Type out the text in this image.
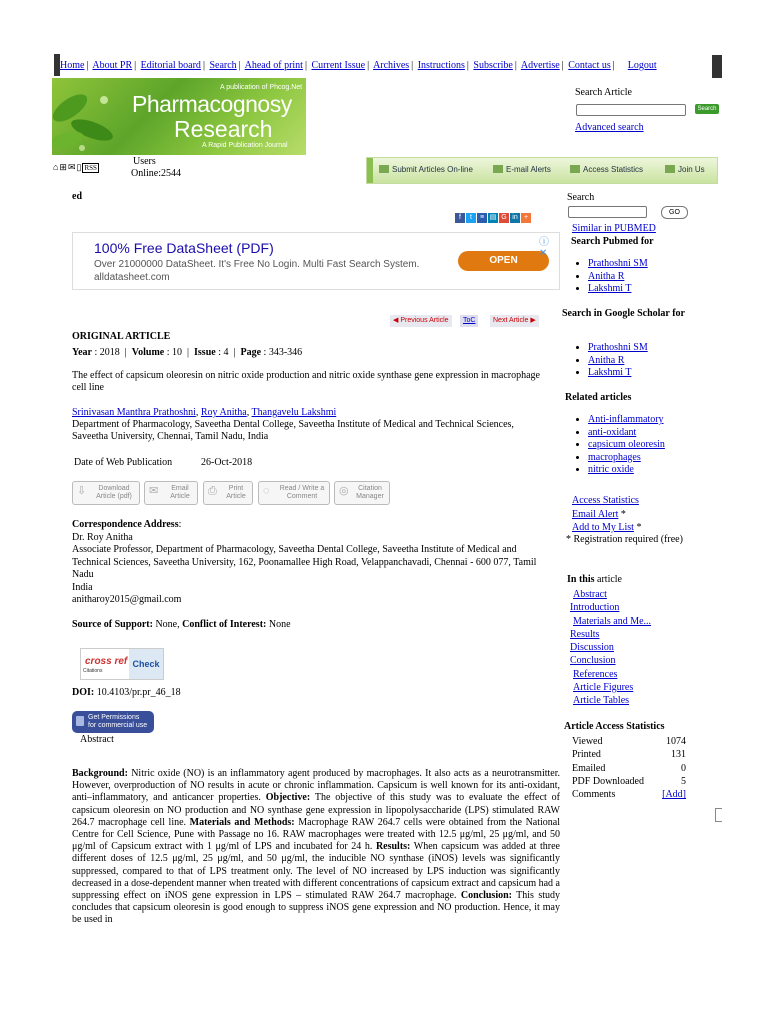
Home | About PR | Editorial board | Search | Ahead of print | Current Issue | Archives | Instructions | Subscribe | Advertise | Contact us | Logout
A publication of Phcog.Net
Pharmacognosy
Research
A Rapid Publication Journal
Search Article
Search
Advanced search
⌂⊞✉▯ RSS
Users
Online:2544	Submit Articles On-line	E-mail Alerts	Access Statistics	Join Us
ed
f t ≡ ▤ G in +
100% Free DataSheet (PDF)
Over 21000000 DataSheet. It's Free No Login. Multi Fast Search System.
alldatasheet.com
OPEN
ⓘ ✕
◀ Previous Article	ToC	Next Article ▶
ORIGINAL ARTICLE
Year : 2018  |  Volume : 10  |  Issue : 4  |  Page : 343-346
The effect of capsicum oleoresin on nitric oxide production and nitric oxide synthase gene expression in macrophage cell line
Srinivasan Manthra Prathoshni, Roy Anitha, Thangavelu Lakshmi
Department of Pharmacology, Saveetha Dental College, Saveetha Institute of Medical and Technical Sciences, Saveetha University, Chennai, Tamil Nadu, India
Date of Web Publication	26-Oct-2018
⇩	Download Article (pdf)	✉	Email Article	⎙	Print Article	◌	Read / Write a Comment	◎	Citation Manager
Correspondence Address:
Dr. Roy Anitha
Associate Professor, Department of Pharmacology, Saveetha Dental College, Saveetha Institute of Medical and Technical Sciences, Saveetha University, 162, Poonamallee High Road, Velappanchavadi, Chennai - 600 077, Tamil Nadu
India
anitharoy2015@gmail.com
Source of Support: None, Conflict of Interest: None
cross ref
Citations
Check
DOI: 10.4103/pr.pr_46_18
Get Permissions
for commercial use
Abstract
Background: Nitric oxide (NO) is an inflammatory agent produced by macrophages. It also acts as a neurotransmitter. However, overproduction of NO results in acute or chronic inflammation. Capsicum is well known for its anti-oxidant, anti–inflammatory, and anticancer properties. Objective: The objective of this study was to evaluate the effect of capsicum oleoresin on NO production and NO synthase gene expression in lipopolysaccharide (LPS) stimulated RAW 264.7 macrophage cell line. Materials and Methods: Macrophage RAW 264.7 cells were obtained from the National Centre for Cell Science, Pune with Passage no 16. RAW macrophages were treated with 12.5 μg/ml, 25 μg/ml, and 50 μg/ml of Capsicum extract with 1 μg/ml of LPS and incubated for 24 h. Results: When capsicum was added at three different doses of 12.5 μg/ml, 25 μg/ml, and 50 μg/ml, the inducible NO synthase (iNOS) levels was significantly suppressed, compared to that of LPS treatment only. The level of NO increased by LPS induction was significantly decreased in a dose-dependent manner when treated with different concentrations of capsicum extract and capsicum had a suppressing effect on iNOS gene expression in LPS – stimulated RAW 264.7 macrophage. Conclusion: This study concludes that capsicum oleoresin is good enough to suppress iNOS gene expression and NO production. Hence, it may be used in
Search
GO
Similar in PUBMED
Search Pubmed for
• Prathoshni SM
• Anitha R
• Lakshmi T
Search in Google Scholar for
• Prathoshni SM
• Anitha R
• Lakshmi T
Related articles
• Anti-inflammatory
• anti-oxidant
• capsicum oleoresin
• macrophages
• nitric oxide
Access Statistics
Email Alert *
Add to My List *
* Registration required (free)
In this article
Abstract
Introduction
Materials and Me...
Results
Discussion
Conclusion
References
Article Figures
Article Tables
Article Access Statistics
Viewed	1074
Printed	131
Emailed	0
PDF Downloaded	5
Comments	[Add]
